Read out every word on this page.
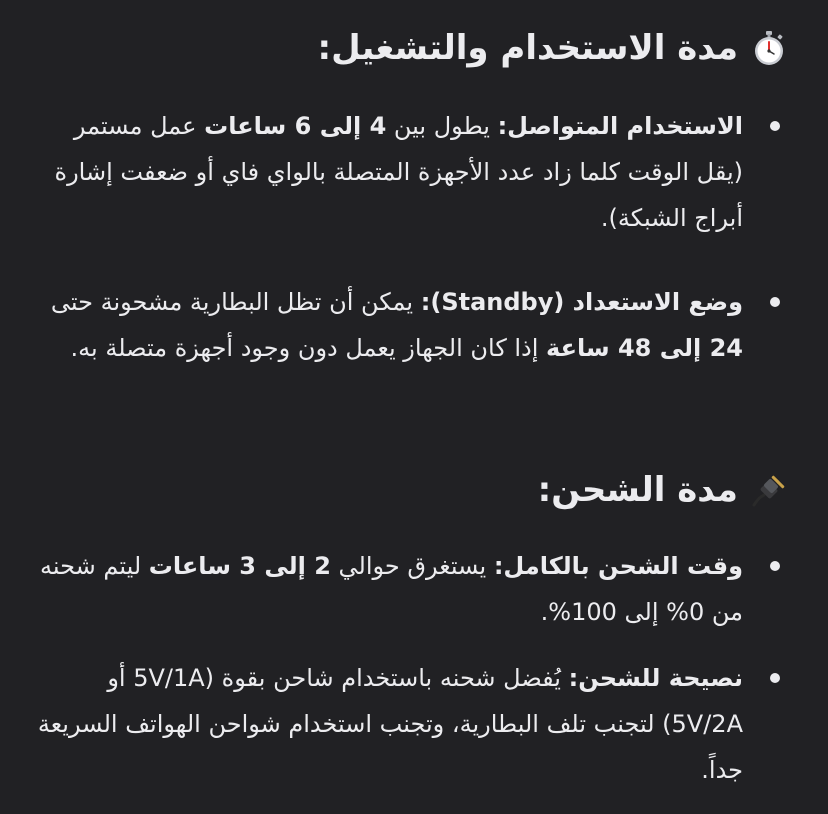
مدة الاستخدام والتشغيل:
الاستخدام المتواصل: يطول بين 4 إلى 6 ساعات عمل مستمر (يقل الوقت كلما زاد عدد الأجهزة المتصلة بالواي فاي أو ضعفت إشارة أبراج الشبكة).
وضع الاستعداد (Standby): يمكن أن تظل البطارية مشحونة حتى 24 إلى 48 ساعة إذا كان الجهاز يعمل دون وجود أجهزة متصلة به.
مدة الشحن:
وقت الشحن بالكامل: يستغرق حوالي 2 إلى 3 ساعات ليتم شحنه من 0% إلى 100%.
نصيحة للشحن: يُفضل شحنه باستخدام شاحن بقوة (5V/1A أو 5V/2A) لتجنب تلف البطارية، وتجنب استخدام شواحن الهواتف السريعة جداً.
